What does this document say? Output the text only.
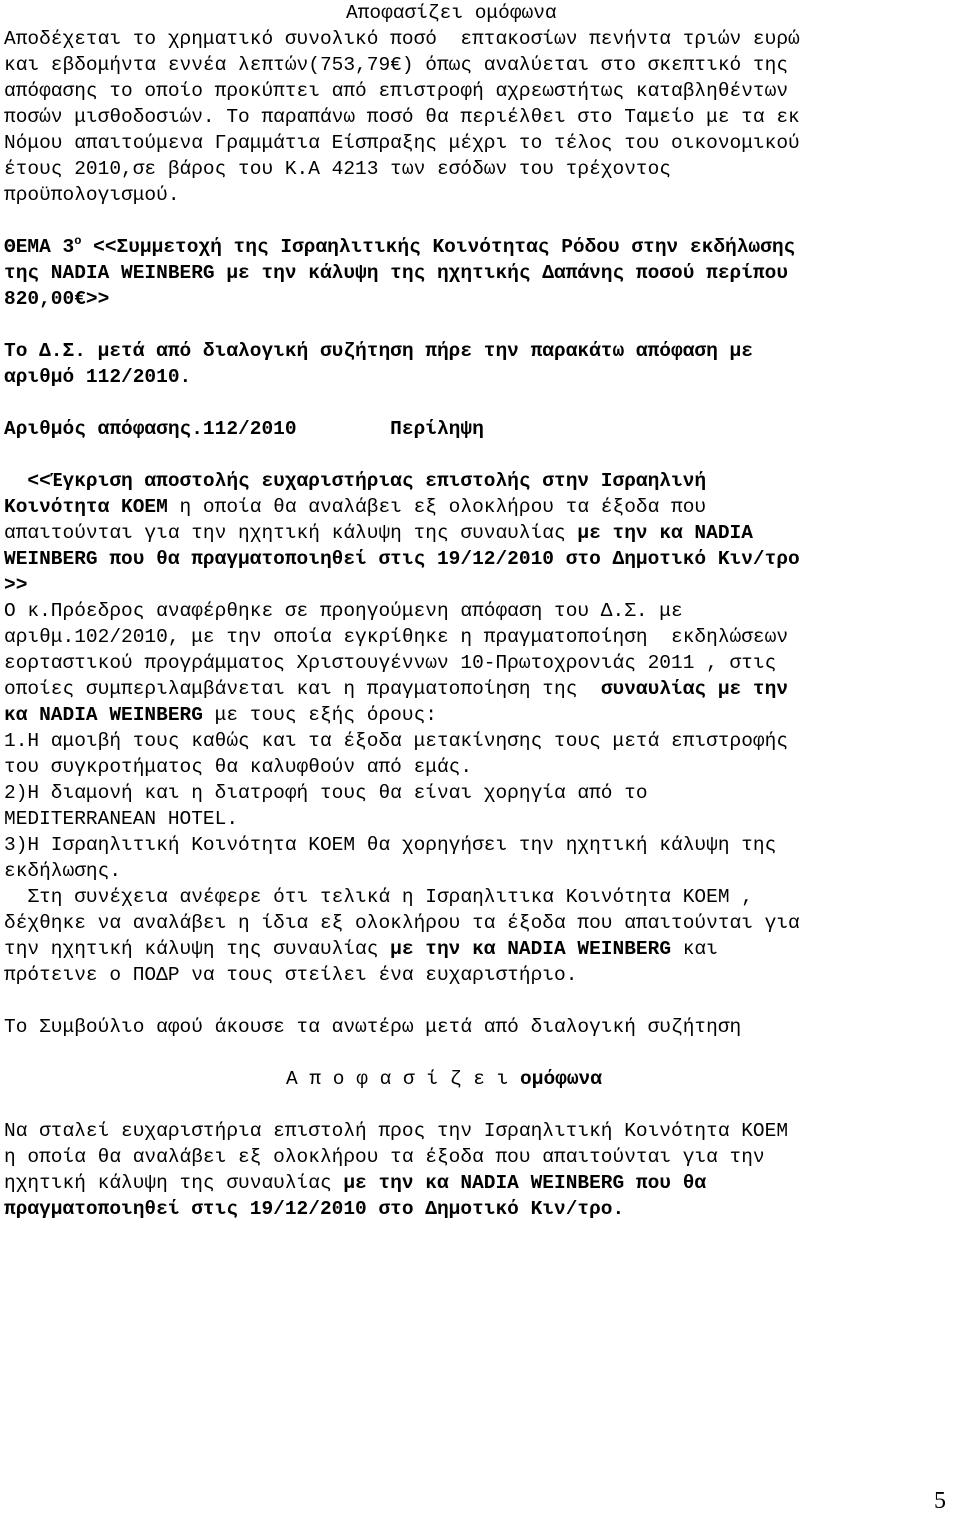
Αποφασίζει ομόφωνα
Αποδέχεται το χρηματικό συνολικό ποσό  επτακοσίων πενήντα τριών ευρώ
και εβδομήντα εννέα λεπτών(753,79€) όπως αναλύεται στο σκεπτικό της
απόφασης το οποίο προκύπτει από επιστροφή αχρεωστήτως καταβληθέντων
ποσών μισθοδοσιών. Το παραπάνω ποσό θα περιέλθει στο Ταμείο με τα εκ
Νόμου απαιτούμενα Γραμμάτια Είσπραξης μέχρι το τέλος του οικονομικού
έτους 2010,σε βάρος του Κ.Α 4213 των εσόδων του τρέχοντος
προϋπολογισμού.
ΘΕΜΑ $3^o <<\Sigma\upsilon\mu\mu\varepsilon\tau o\chi ή$ της Ισραηλιτικής Κοινότητας Ρόδου στην εκδήλωσης
της NADIA WEINBERG με την κάλυψη της ηχητικής Δαπάνης ποσού περίπου
820,00€>>
Το Δ.Σ. μετά από διαλογική συζήτηση πήρε την παρακάτω απόφαση με
αριθμό 112/2010.
Αριθμός απόφασης.112/2010        Περίληψη
<<Έγκριση αποστολής ευχαριστήριας επιστολής στην Ισραηλινή
Κοινότητα ΚΟΕΜ η οποία θα αναλάβει εξ ολοκλήρου τα έξοδα που
απαιτούνται για την ηχητική κάλυψη της συναυλίας με την κα NADIA
WEINBERG που θα πραγματοποιηθεί στις 19/12/2010 στο Δημοτικό Κιν/τρο
>>
Ο κ.Πρόεδρος αναφέρθηκε σε προηγούμενη απόφαση του Δ.Σ. με
αριθμ.102/2010, με την οποία εγκρίθηκε η πραγματοποίηση  εκδηλώσεων
εορταστικού προγράμματος Χριστουγέννων 10-Πρωτοχρονιάς 2011 , στις
οποίες συμπεριλαμβάνεται και η πραγματοποίηση της  συναυλίας με την
κα NADIA WEINBERG με τους εξής όρους:
1.Η αμοιβή τους καθώς και τα έξοδα μετακίνησης τους μετά επιστροφής
του συγκροτήματος θα καλυφθούν από εμάς.
2)Η διαμονή και η διατροφή τους θα είναι χορηγία από το
MEDITERRANEAN HOTEL.
3)Η Ισραηλιτική Κοινότητα ΚΟΕΜ θα χορηγήσει την ηχητική κάλυψη της
εκδήλωσης.
Στη συνέχεια ανέφερε ότι τελικά η Ισραηλιτικα Κοινότητα ΚΟΕΜ ,
δέχθηκε να αναλάβει η ίδια εξ ολοκλήρου τα έξοδα που απαιτούνται για
την ηχητική κάλυψη της συναυλίας με την κα NADIA WEINBERG και
πρότεινε ο ΠΟΔΡ να τους στείλει ένα ευχαριστήριο.
Το Συμβούλιο αφού άκουσε τα ανωτέρω μετά από διαλογική συζήτηση
Α π ο φ α σ ί ζ ε ι ομόφωνα
Να σταλεί ευχαριστήρια επιστολή προς την Ισραηλιτική Κοινότητα ΚΟΕΜ
η οποία θα αναλάβει εξ ολοκλήρου τα έξοδα που απαιτούνται για την
ηχητική κάλυψη της συναυλίας με την κα NADIA WEINBERG που θα
πραγματοποιηθεί στις 19/12/2010 στο Δημοτικό Κιν/τρο.
5
